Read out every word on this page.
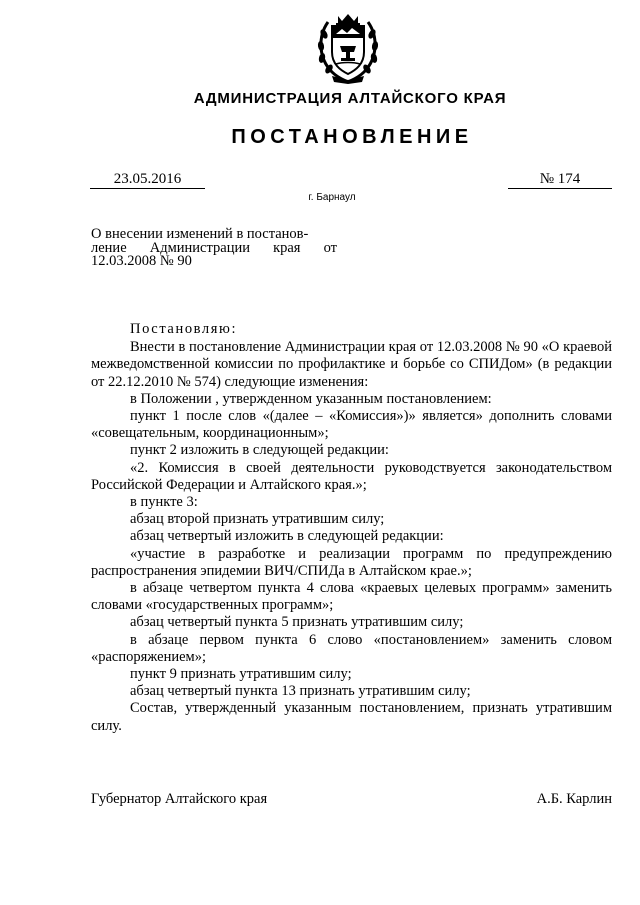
АДМИНИСТРАЦИЯ АЛТАЙСКОГО КРАЯ
ПОСТАНОВЛЕНИЕ
23.05.2016	№ 174
г. Барнаул
О внесении изменений в постанов-
ление Администрации края от
12.03.2008 № 90
Постановляю:

Внести в постановление Администрации края от 12.03.2008 № 90 «О краевой межведомственной комиссии по профилактике и борьбе со СПИДом» (в редакции от 22.12.2010 № 574) следующие изменения:

в Положении , утвержденном указанным постановлением:

пункт 1 после слов «(далее – «Комиссия»)» является» дополнить словами «совещательным, координационным»;

пункт 2 изложить в следующей редакции:

«2. Комиссия в своей деятельности руководствуется законодательством Российской Федерации и Алтайского края.»;

в пункте 3:

абзац второй признать утратившим силу;

абзац четвертый изложить в следующей редакции:

«участие в разработке и реализации программ по предупреждению распространения эпидемии ВИЧ/СПИДа в Алтайском крае.»;

в абзаце четвертом пункта 4 слова «краевых целевых программ» заменить словами «государственных программ»;

абзац четвертый пункта 5 признать утратившим силу;

в абзаце первом пункта 6 слово «постановлением» заменить словом «распоряжением»;

пункт 9 признать утратившим силу;

абзац четвертый пункта 13 признать утратившим силу;

Состав, утвержденный указанным постановлением, признать утратившим силу.

Губернатор Алтайского края	А.Б. Карлин
